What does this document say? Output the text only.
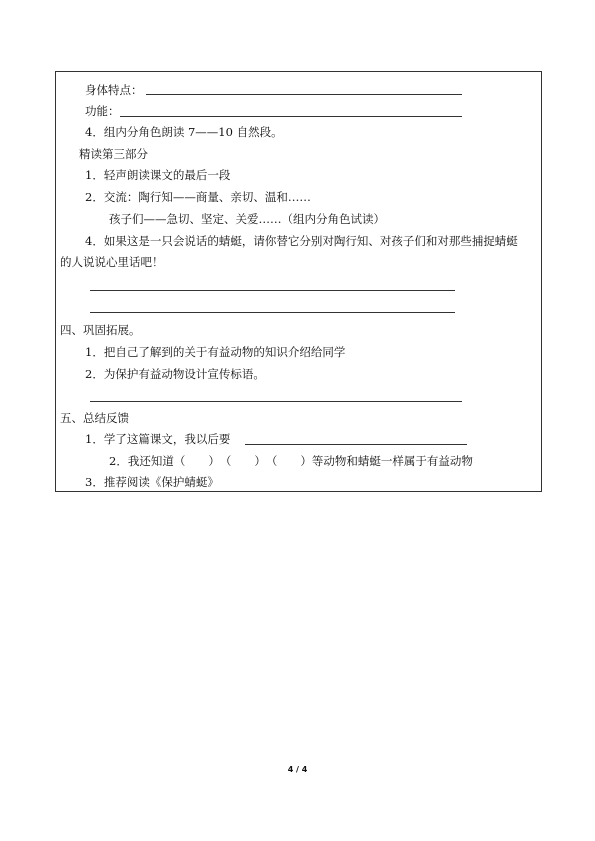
身体特点：
功能：
4．组内分角色朗读 7——10 自然段。
精读第三部分
1．轻声朗读课文的最后一段
2．交流：陶行知——商量、亲切、温和……
孩子们——急切、坚定、关爱……（组内分角色试读）
4．如果这是一只会说话的蜻蜓，请你替它分别对陶行知、对孩子们和对那些捕捉蜻蜓
的人说说心里话吧！
四、巩固拓展。
1．把自己了解到的关于有益动物的知识介绍给同学
2．为保护有益动物设计宣传标语。
五、总结反馈
1．学了这篇课文，我以后要
2．我还知道（　　）　（　　）　（　　）等动物和蜻蜓一样属于有益动物
3．推荐阅读《保护蜻蜓》
4 / 4
